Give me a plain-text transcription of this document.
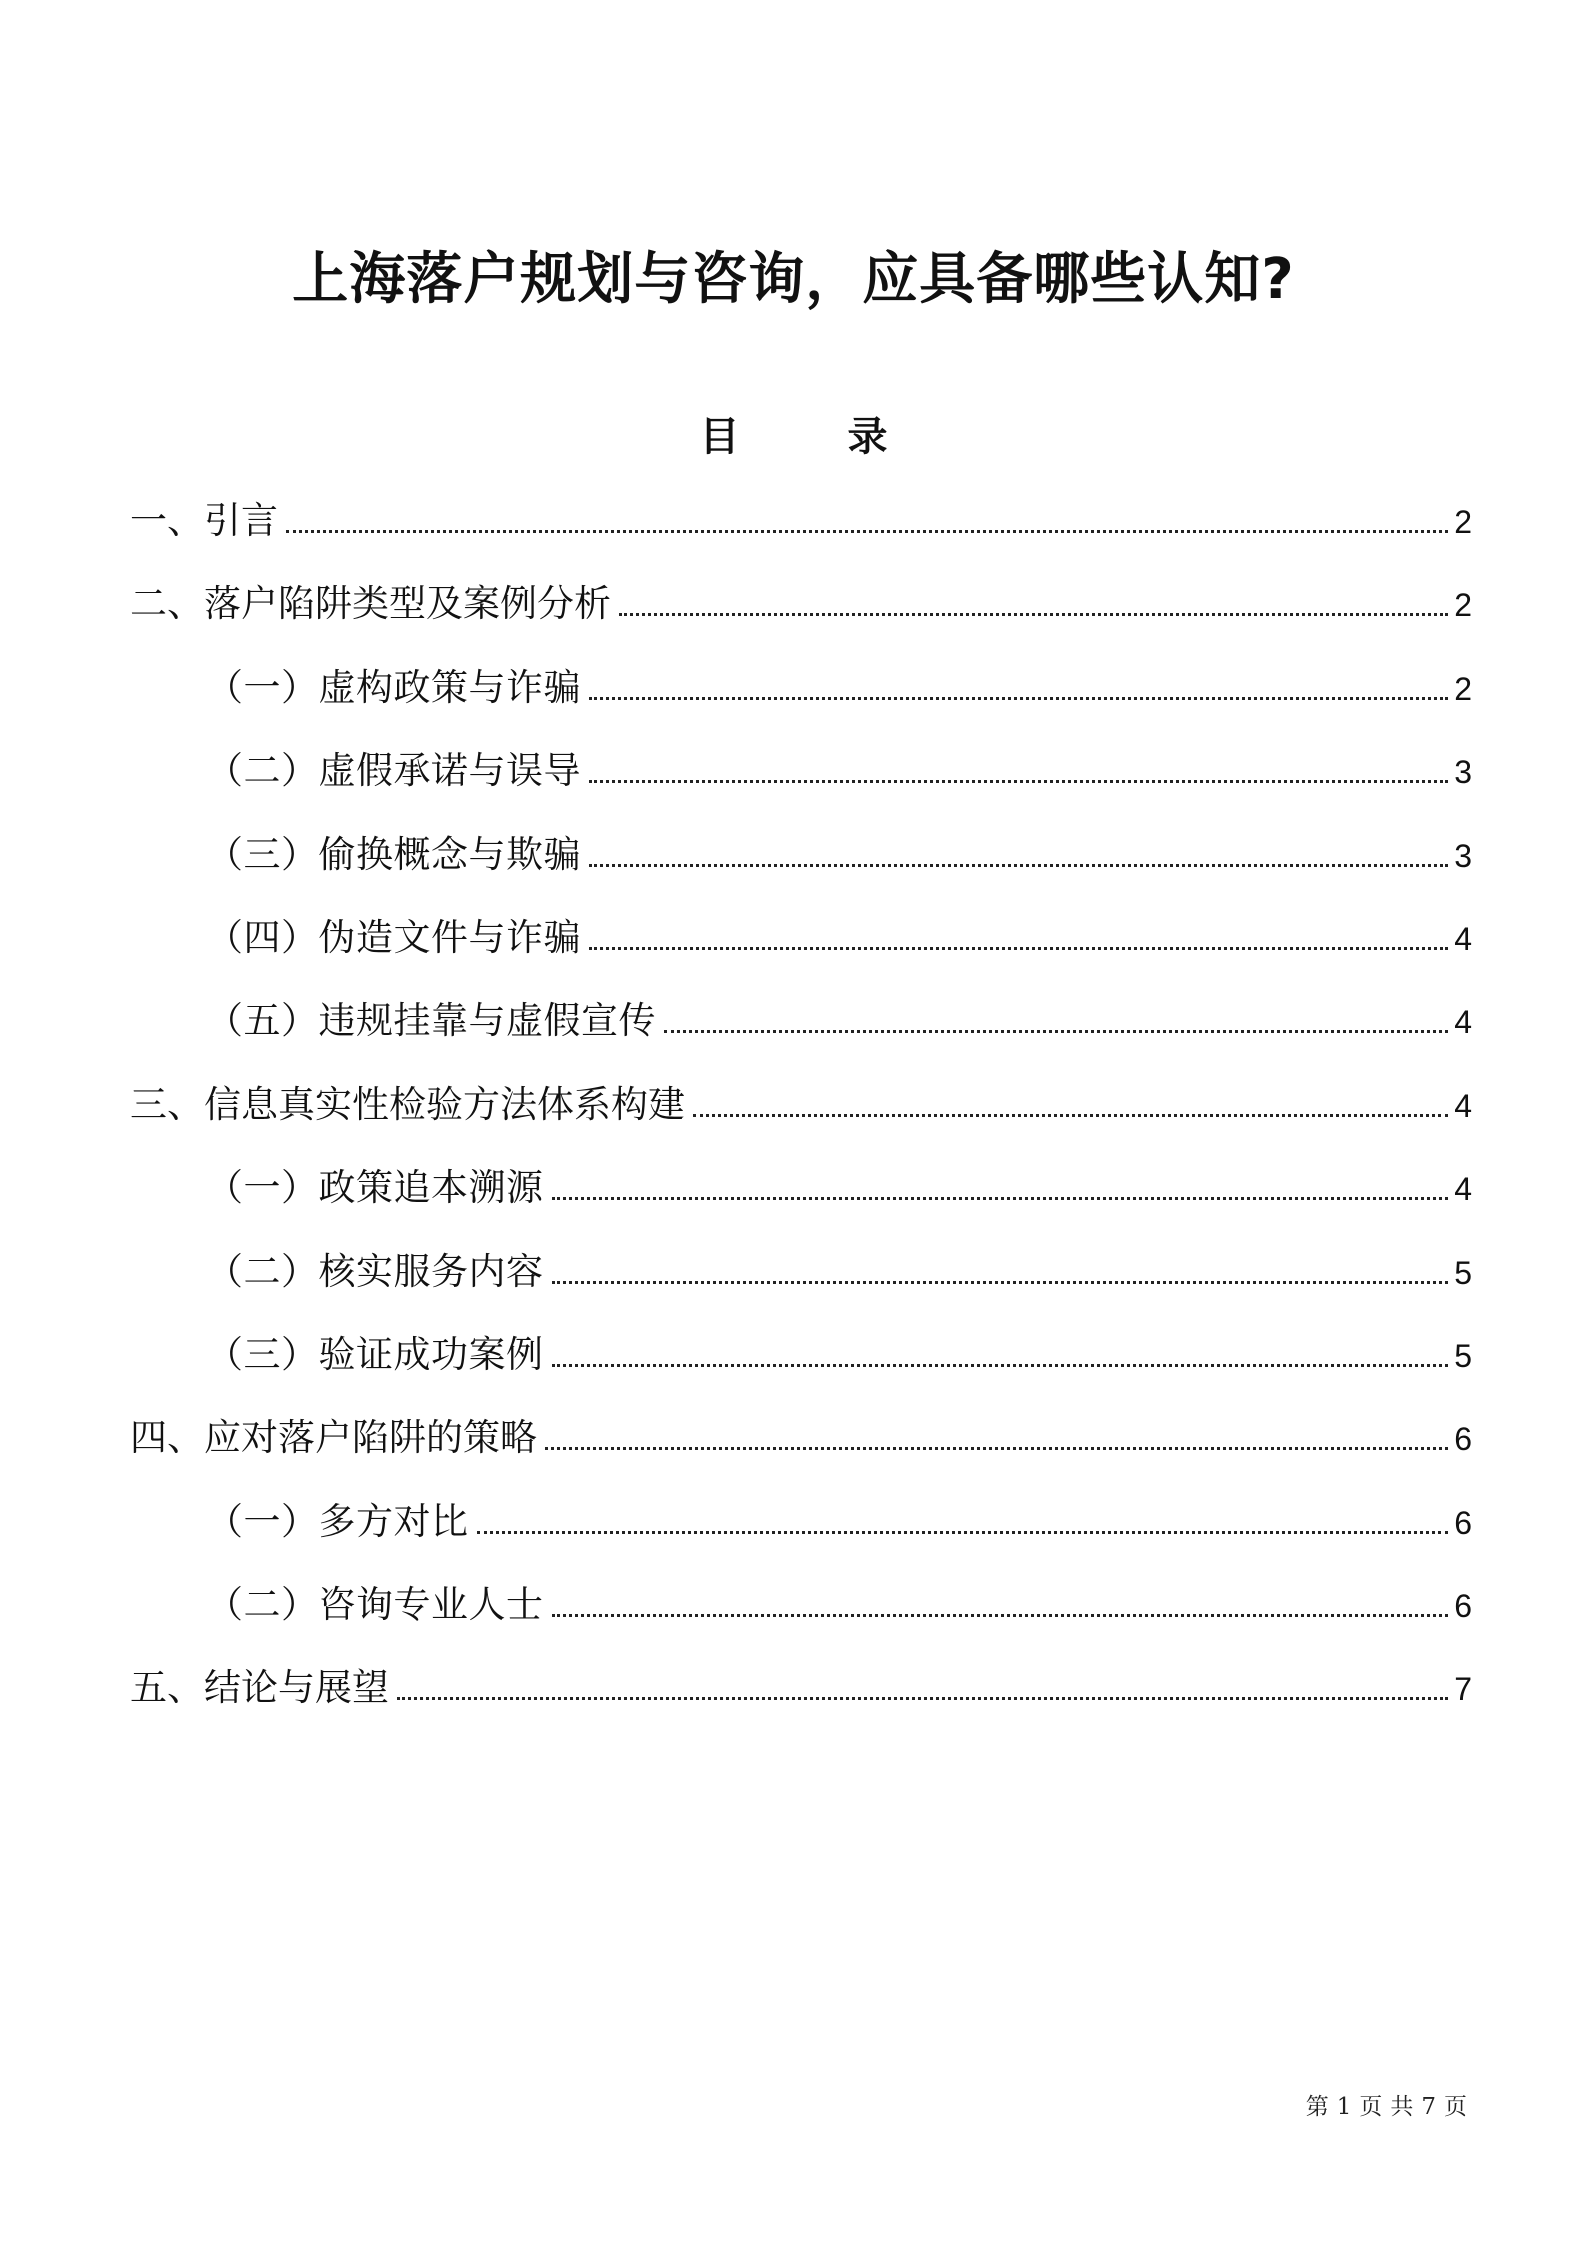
上海落户规划与咨询，应具备哪些认知?
目	录
一、引言	2
二、落户陷阱类型及案例分析	2
（一）虚构政策与诈骗	2
（二）虚假承诺与误导	3
（三）偷换概念与欺骗	3
（四）伪造文件与诈骗	4
（五）违规挂靠与虚假宣传	4
三、信息真实性检验方法体系构建	4
（一）政策追本溯源	4
（二）核实服务内容	5
（三）验证成功案例	5
四、应对落户陷阱的策略	6
（一）多方对比	6
（二）咨询专业人士	6
五、结论与展望	7
第 1 页 共 7 页
